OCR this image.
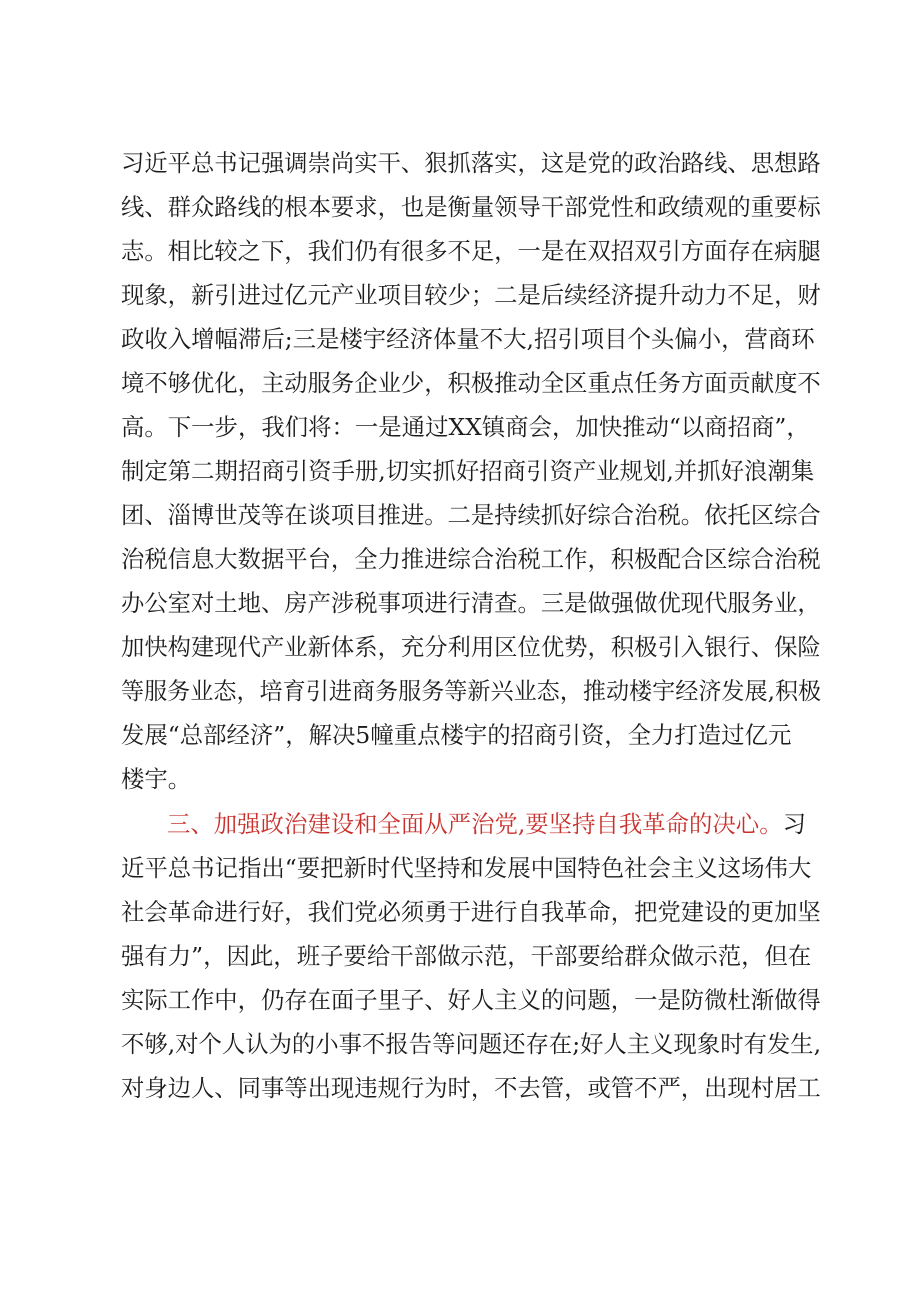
习近平总书记强调崇尚实干、狠抓落实，这是党的政治路线、思想路
线、群众路线的根本要求，也是衡量领导干部党性和政绩观的重要标
志。相比较之下，我们仍有很多不足，一是在双招双引方面存在病腿
现象，新引进过亿元产业项目较少；二是后续经济提升动力不足，财
政收入增幅滞后;三是楼宇经济体量不大,招引项目个头偏小，营商环
境不够优化，主动服务企业少，积极推动全区重点任务方面贡献度不
高。下一步，我们将：一是通过XX镇商会，加快推动“以商招商”，
制定第二期招商引资手册,切实抓好招商引资产业规划,并抓好浪潮集
团、淄博世茂等在谈项目推进。二是持续抓好综合治税。依托区综合
治税信息大数据平台，全力推进综合治税工作，积极配合区综合治税
办公室对土地、房产涉税事项进行清查。三是做强做优现代服务业，
加快构建现代产业新体系，充分利用区位优势，积极引入银行、保险
等服务业态，培育引进商务服务等新兴业态，推动楼宇经济发展,积极
发展“总部经济”，解决5幢重点楼宇的招商引资，全力打造过亿元
楼宇。
三、加强政治建设和全面从严治党,要坚持自我革命的决心。习
近平总书记指出“要把新时代坚持和发展中国特色社会主义这场伟大
社会革命进行好，我们党必须勇于进行自我革命，把党建设的更加坚
强有力”，因此，班子要给干部做示范，干部要给群众做示范，但在
实际工作中，仍存在面子里子、好人主义的问题，一是防微杜渐做得
不够,对个人认为的小事不报告等问题还存在;好人主义现象时有发生,
对身边人、同事等出现违规行为时，不去管，或管不严，出现村居工
